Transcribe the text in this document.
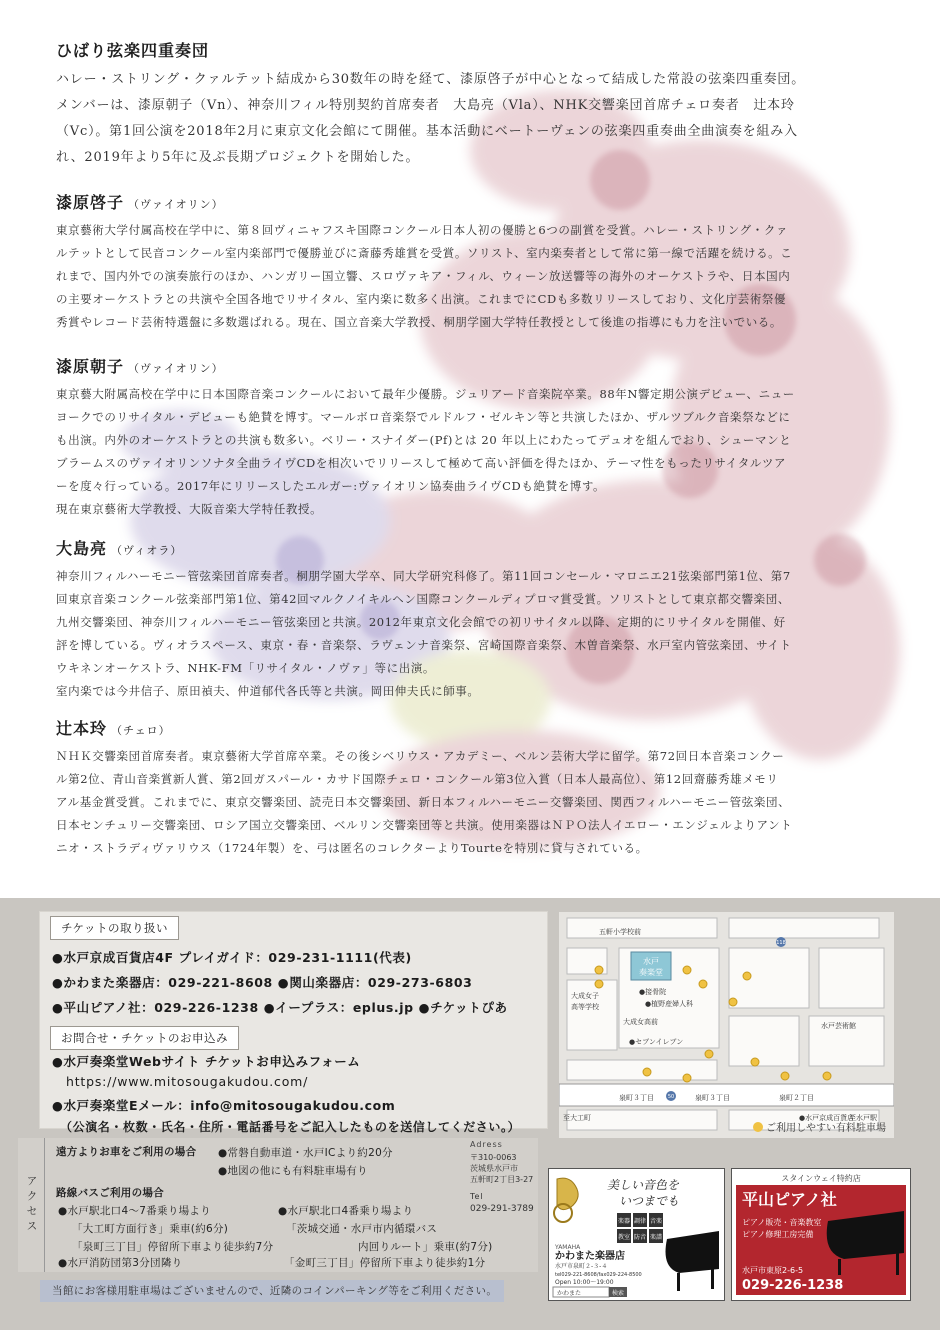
ひばり弦楽四重奏団

ハレー・ストリング・クァルテット結成から30数年の時を経て、漆原啓子が中心となって結成した常設の弦楽四重奏団。

メンバーは、漆原朝子（Vn）、神奈川フィル特別契約首席奏者　大島亮（Vla）、NHK交響楽団首席チェロ奏者　辻本玲

（Vc）。第1回公演を2018年2月に東京文化会館にて開催。基本活動にベートーヴェンの弦楽四重奏曲全曲演奏を組み入

れ、2019年より5年に及ぶ長期プロジェクトを開始した。

漆原啓子 （ヴァイオリン）

東京藝術大学付属高校在学中に、第８回ヴィニャフスキ国際コンクール日本人初の優勝と6つの副賞を受賞。ハレー・ストリング・クァ

ルテットとして民音コンクール室内楽部門で優勝並びに斎藤秀雄賞を受賞。ソリスト、室内楽奏者として常に第一線で活躍を続ける。こ

れまで、国内外での演奏旅行のほか、ハンガリー国立響、スロヴァキア・フィル、ウィーン放送響等の海外のオーケストラや、日本国内

の主要オーケストラとの共演や全国各地でリサイタル、室内楽に数多く出演。これまでにCDも多数リリースしており、文化庁芸術祭優

秀賞やレコード芸術特選盤に多数選ばれる。現在、国立音楽大学教授、桐朋学園大学特任教授として後進の指導にも力を注いでいる。

漆原朝子 （ヴァイオリン）

東京藝大附属高校在学中に日本国際音楽コンクールにおいて最年少優勝。ジュリアード音楽院卒業。88年N響定期公演デビュー、ニュー

ヨークでのリサイタル・デビューも絶賛を博す。マールボロ音楽祭でルドルフ・ゼルキン等と共演したほか、ザルツブルク音楽祭などに

も出演。内外のオーケストラとの共演も数多い。ベリー・スナイダー(Pf)とは 20 年以上にわたってデュオを組んでおり、シューマンと

ブラームスのヴァイオリンソナタ全曲ライヴCDを相次いでリリースして極めて高い評価を得たほか、テーマ性をもったリサイタルツア

ーを度々行っている。2017年にリリースしたエルガー:ヴァイオリン協奏曲ライヴCDも絶賛を博す。

現在東京藝術大学教授、大阪音楽大学特任教授。

大島亮 （ヴィオラ）

神奈川フィルハーモニー管弦楽団首席奏者。桐朋学園大学卒、同大学研究科修了。第11回コンセール・マロニエ21弦楽部門第1位、第7

回東京音楽コンクール弦楽部門第1位、第42回マルクノイキルヘン国際コンクールディプロマ賞受賞。ソリストとして東京都交響楽団、

九州交響楽団、神奈川フィルハーモニー管弦楽団と共演。2012年東京文化会館での初リサイタル以降、定期的にリサイタルを開催、好

評を博している。ヴィオラスペース、東京・春・音楽祭、ラヴェンナ音楽祭、宮崎国際音楽祭、木曽音楽祭、水戸室内管弦楽団、サイト

ウキネンオーケストラ、NHK-FM「リサイタル・ノヴァ」等に出演。

室内楽では今井信子、原田禎夫、仲道郁代各氏等と共演。岡田伸夫氏に師事。

辻本玲 （チェロ）

ＮＨＫ交響楽団首席奏者。東京藝術大学首席卒業。その後シベリウス・アカデミー、ベルン芸術大学に留学。第72回日本音楽コンクー

ル第2位、青山音楽賞新人賞、第2回ガスパール・カサド国際チェロ・コンクール第3位入賞（日本人最高位）、第12回齋藤秀雄メモリ

アル基金賞受賞。これまでに、東京交響楽団、読売日本交響楽団、新日本フィルハーモニー交響楽団、関西フィルハーモニー管弦楽団、

日本センチュリー交響楽団、ロシア国立交響楽団、ベルリン交響楽団等と共演。使用楽器はＮＰＯ法人イエロー・エンジェルよりアント

ニオ・ストラディヴァリウス（1724年製）を、弓は匿名のコレクターよりTourteを特別に貸与されている。

チケットの取り扱い
●水戸京成百貨店4F プレイガイド：029-231-1111(代表)
●かわまた楽器店：029-221-8608 ●関山楽器店：029-273-6803
●平山ピアノ社：029-226-1238 ●イープラス：eplus.jp ●チケットぴあ
お問合せ・チケットのお申込み
●水戸奏楽堂Webサイト チケットお申込みフォーム
https://www.mitosougakudou.com/
●水戸奏楽堂Eメール：info@mitosougakudou.com
（公演名・枚数・氏名・住所・電話番号をご記入したものを送信してください。）
水戸
奏楽堂
五軒小学校前
●接骨院
●植野産婦人科
大成女子
高等学校
大成女高前
●セブンイレブン
水戸芸術館
泉町３丁目	泉町３丁目	泉町２丁目
至大工町	至水戸駅
●水戸京成百貨店
118
50
ご利用しやすい有料駐車場
アクセス
遠方よりお車をご利用の場合 ●常磐自動車道・水戸ICより約20分
●地図の他にも有料駐車場有り
路線バスご利用の場合
●水戸駅北口4〜7番乗り場より
「大工町方面行き」乗車(約6分)
「泉町三丁目」停留所下車より徒歩約7分
●水戸消防団第3分団隣り
●水戸駅北口4番乗り場より
「茨城交通・水戸市内循環バス
内回りルート」乗車(約7分)
「金町三丁目」停留所下車より徒歩約1分
Adress
〒310-0063
茨城県水戸市
五軒町2丁目3-27
Tel
029-291-3789
当館にお客様用駐車場はございませんので、近隣のコインパーキング等をご利用ください。
美しい音色を
いつまでも
楽器 調律 音楽
教室 防音 楽譜
YAMAHA
かわまた楽器店
水戸市泉町２-３-４
tel029-221-8608/fax029-224-8500
Open 10:00〜19:00
かわまた	検索
スタインウェイ特約店
平山ピアノ社
ピアノ販売・音楽教室
ピアノ修理工房完備
水戸市東原2-6-5
029-226-1238
